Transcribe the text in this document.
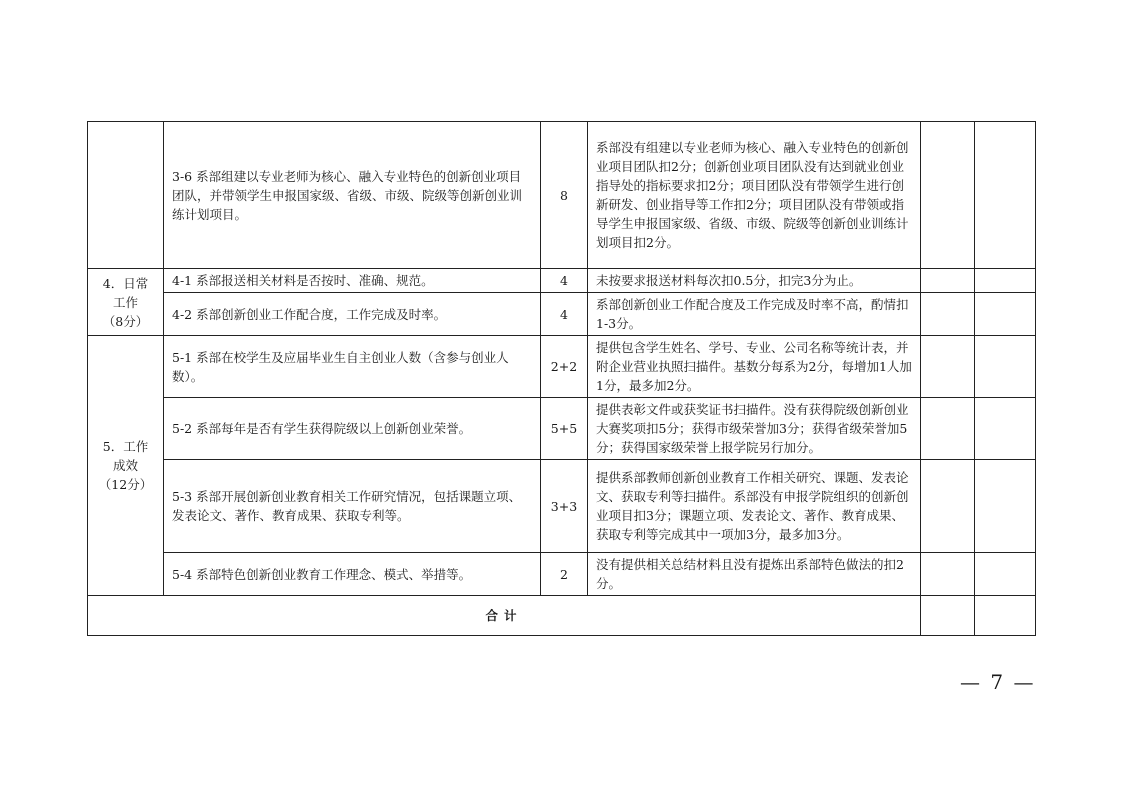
	3-6 系部组建以专业老师为核心、融入专业特色的创新创业项目团队，并带领学生申报国家级、省级、市级、院级等创新创业训练计划项目。	8	系部没有组建以专业老师为核心、融入专业特色的创新创业项目团队扣2分；创新创业项目团队没有达到就业创业指导处的指标要求扣2分；项目团队没有带领学生进行创新研发、创业指导等工作扣2分；项目团队没有带领或指导学生申报国家级、省级、市级、院级等创新创业训练计划项目扣2分。		

4．日常
工作
（8分）	4-1 系部报送相关材料是否按时、准确、规范。	4	未按要求报送材料每次扣0.5分，扣完3分为止。		
	4-2 系部创新创业工作配合度，工作完成及时率。	4	系部创新创业工作配合度及工作完成及时率不高，酌情扣1-3分。		

5．工作
成效
（12分）	5-1 系部在校学生及应届毕业生自主创业人数（含参与创业人数）。	2+2	提供包含学生姓名、学号、专业、公司名称等统计表，并附企业营业执照扫描件。基数分每系为2分，每增加1人加1分，最多加2分。		
	5-2 系部每年是否有学生获得院级以上创新创业荣誉。	5+5	提供表彰文件或获奖证书扫描件。没有获得院级创新创业大赛奖项扣5分；获得市级荣誉加3分；获得省级荣誉加5分；获得国家级荣誉上报学院另行加分。		
	5-3 系部开展创新创业教育相关工作研究情况，包括课题立项、发表论文、著作、教育成果、获取专利等。	3+3	提供系部教师创新创业教育工作相关研究、课题、发表论文、获取专利等扫描件。系部没有申报学院组织的创新创业项目扣3分；课题立项、发表论文、著作、教育成果、获取专利等完成其中一项加3分，最多加3分。		
	5-4 系部特色创新创业教育工作理念、模式、举措等。	2	没有提供相关总结材料且没有提炼出系部特色做法的扣2分。		
合计					
— 7 —
